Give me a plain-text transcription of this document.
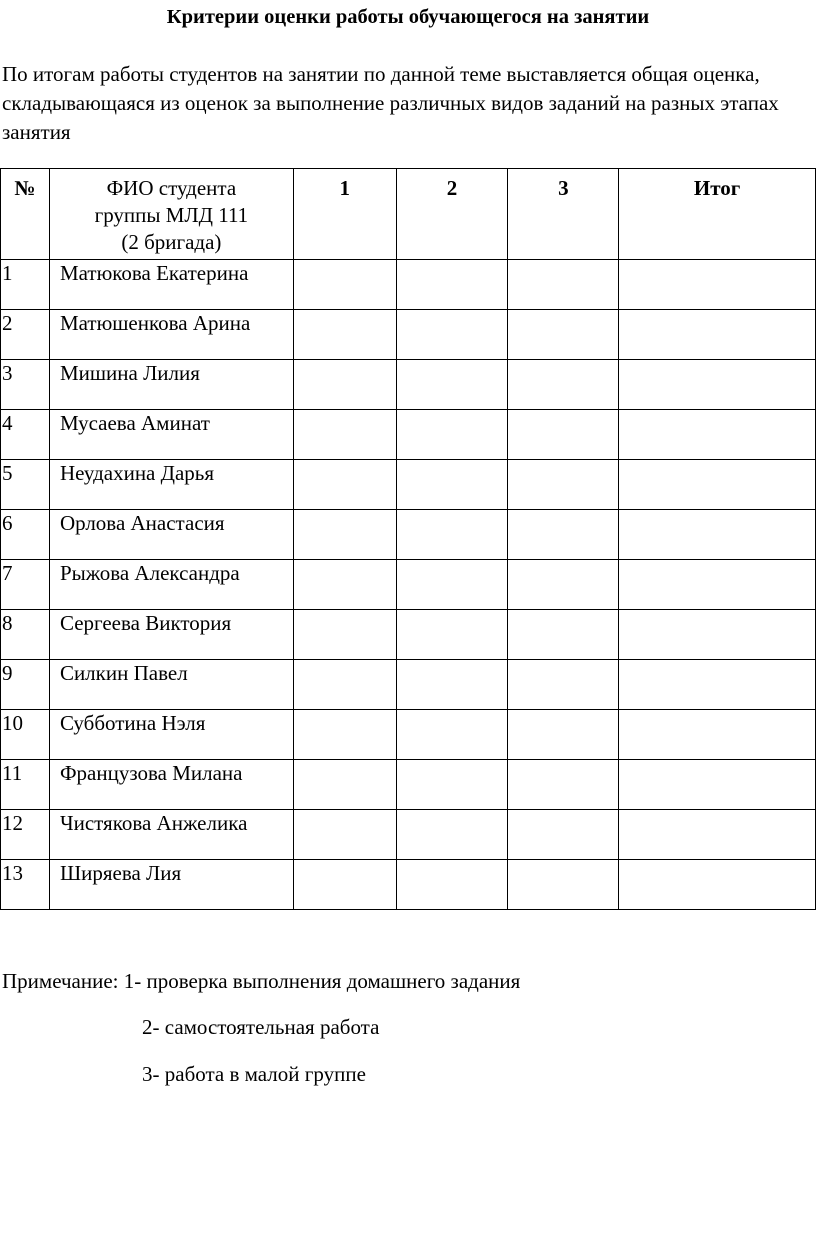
Критерии оценки работы обучающегося на занятии
По итогам работы студентов на занятии по данной теме выставляется общая оценка, складывающаяся из оценок за выполнение различных видов заданий на разных этапах занятия
№	ФИО студента
группы МЛД 111
(2 бригада)	1	2	3	Итог
1	Матюкова Екатерина				
2	Матюшенкова Арина				
3	Мишина Лилия				
4	Мусаева Аминат				
5	Неудахина Дарья				
6	Орлова Анастасия				
7	Рыжова Александра				
8	Сергеева Виктория				
9	Силкин Павел				
10	Субботина Нэля				
11	Французова Милана				
12	Чистякова Анжелика				
13	Ширяева Лия				
Примечание: 1- проверка выполнения домашнего задания
2- самостоятельная работа
3- работа в малой группе
